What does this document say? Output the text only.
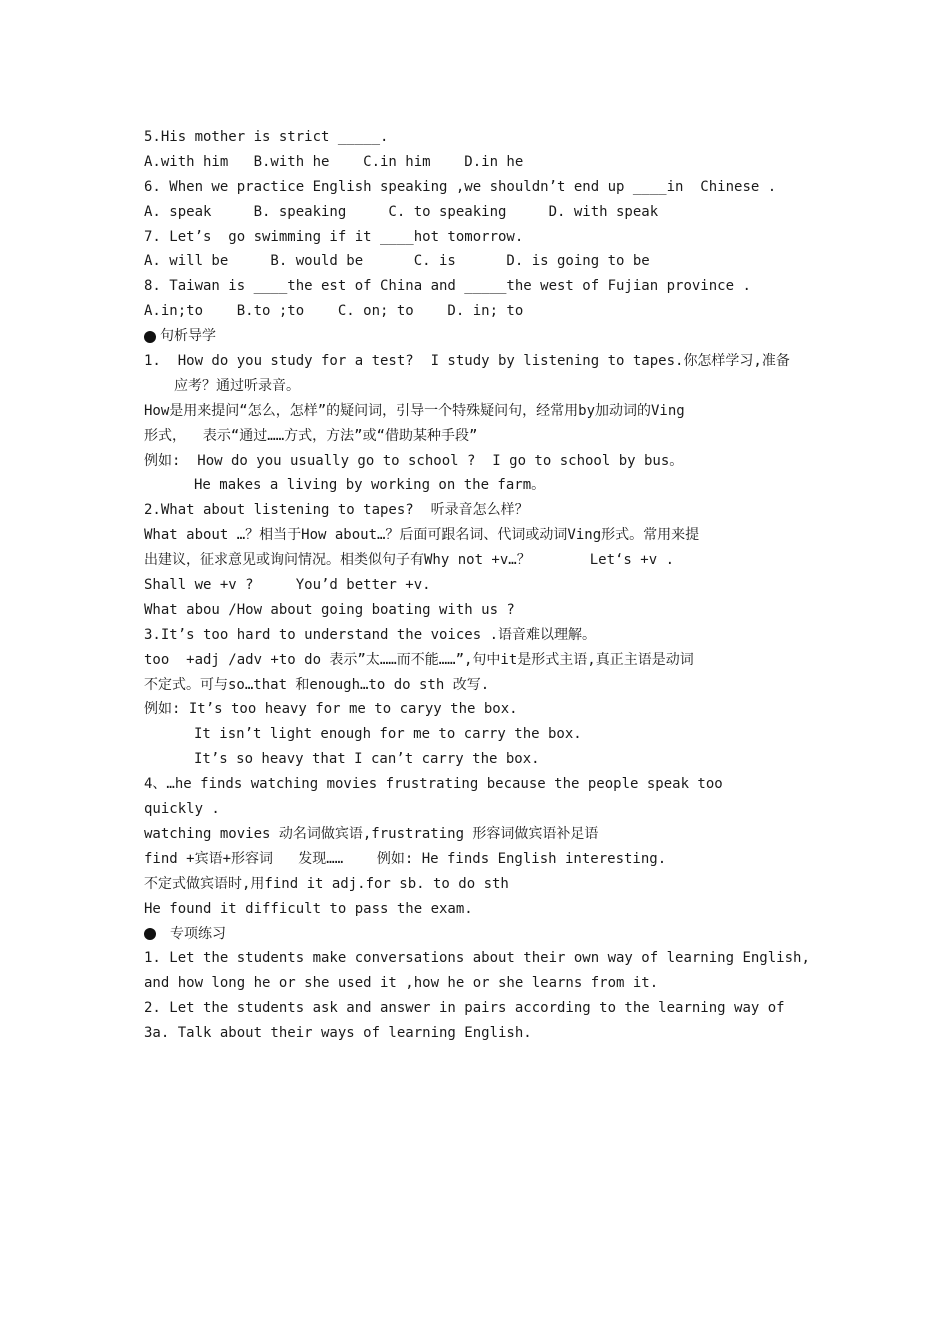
5.His mother is strict _____.
A.with him   B.with he    C.in him    D.in he
6. When we practice English speaking ,we shouldn’t end up ____in  Chinese .
A. speak     B. speaking     C. to speaking     D. with speak
7. Let’s  go swimming if it ____hot tomorrow.
A. will be     B. would be      C. is      D. is going to be
8. Taiwan is ____the est of China and _____the west of Fujian province .
A.in;to    B.to ;to    C. on; to    D. in; to
句析导学
1.  How do you study for a test?  I study by listening to tapes.你怎样学习,准备
应考？通过听录音。
How是用来提问“怎么，怎样”的疑问词，引导一个特殊疑问句，经常用by加动词的Ving
形式，  表示“通过……方式，方法”或“借助某种手段”
例如:  How do you usually go to school ?  I go to school by bus。
He makes a living by working on the farm。
2.What about listening to tapes?  听录音怎么样？
What about …？相当于How about…？后面可跟名词、代词或动词Ving形式。常用来提
出建议，征求意见或询问情况。相类似句子有Why not +v…？       Let‘s +v .
Shall we +v ?     You’d better +v.
What abou /How about going boating with us ?
3.It’s too hard to understand the voices .语音难以理解。
too  +adj /adv +to do 表示”太……而不能……”,句中it是形式主语,真正主语是动词
不定式。可与so…that 和enough…to do sth 改写.
例如: It’s too heavy for me to caryy the box.
It isn’t light enough for me to carry the box.
It’s so heavy that I can’t carry the box.
4、…he finds watching movies frustrating because the people speak too
quickly .
watching movies 动名词做宾语,frustrating 形容词做宾语补足语
find +宾语+形容词   发现……    例如: He finds English interesting.
不定式做宾语时,用find it adj.for sb. to do sth
He found it difficult to pass the exam.
专项练习
1. Let the students make conversations about their own way of learning English,
and how long he or she used it ,how he or she learns from it.
2. Let the students ask and answer in pairs according to the learning way of
3a. Talk about their ways of learning English.
